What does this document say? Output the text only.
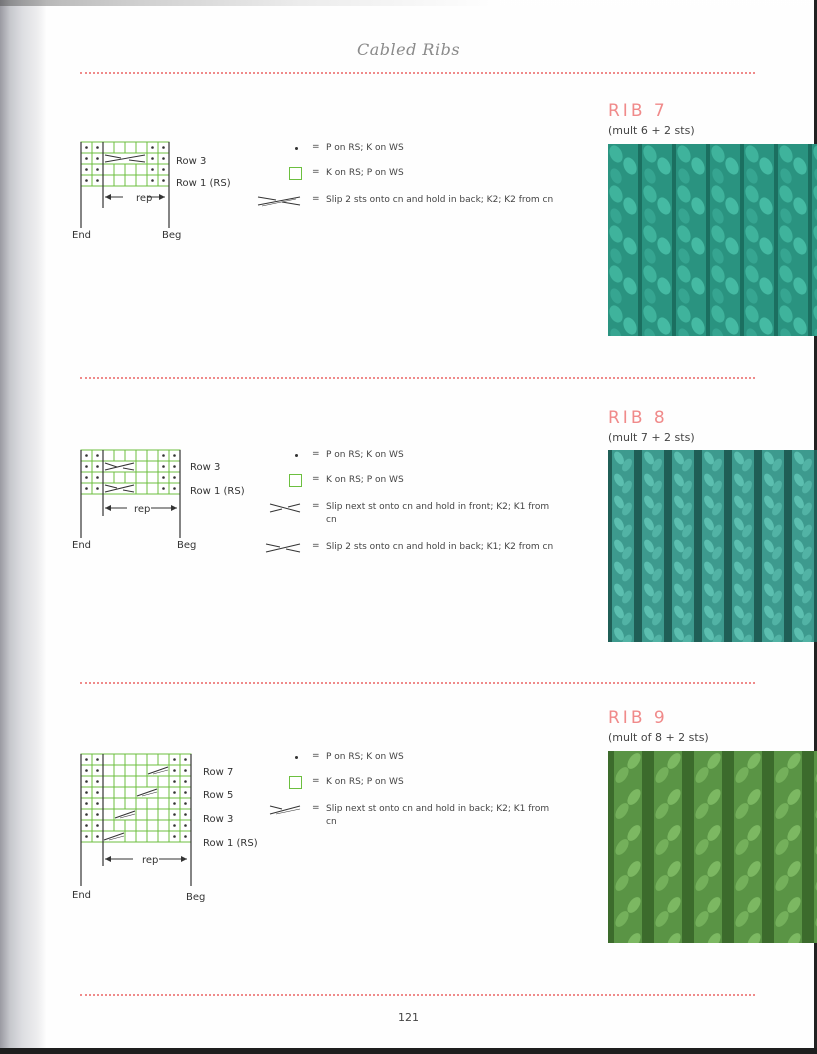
Cabled Ribs
rep
Row 3
Row 1 (RS)
End	Beg
= P on RS; K on WS
= K on RS; P on WS
= Slip 2 sts onto cn and hold in back; K2; K2 from cn
RIB 7
(mult 6 + 2 sts)
rep
Row 3
Row 1 (RS)
End	Beg
= P on RS; K on WS
= K on RS; P on WS
= Slip next st onto cn and hold in front; K2; K1 from cn
= Slip 2 sts onto cn and hold in back; K1; K2 from cn
RIB 8
(mult 7 + 2 sts)
rep
Row 7
Row 5
Row 3
Row 1 (RS)
End	Beg
= P on RS; K on WS
= K on RS; P on WS
= Slip next st onto cn and hold in back; K2; K1 from cn
RIB 9
(mult of 8 + 2 sts)
121
